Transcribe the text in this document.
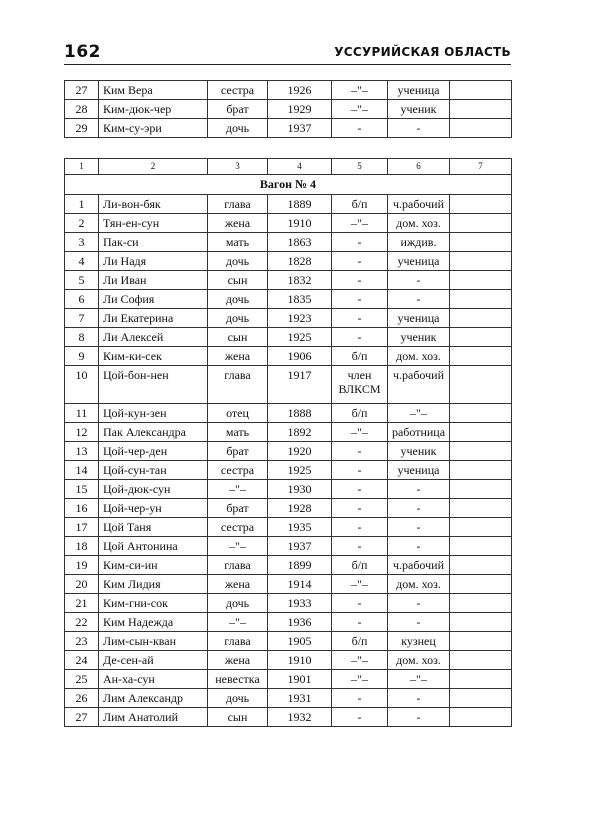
162	УССУРИЙСКАЯ ОБЛАСТЬ
27	Ким Вера	сестра	1926	–"–	ученица	
28	Ким-дюк-чер	брат	1929	–"–	ученик	
29	Ким-су-эри	дочь	1937	-	-	
1	2	3	4	5	6	7
Вагон № 4						
1	Ли-вон-бяк	глава	1889	б/п	ч.рабочий	
2	Тян-ен-сун	жена	1910	–"–	дом. хоз.	
3	Пак-си	мать	1863	-	иждив.	
4	Ли Надя	дочь	1828	-	ученица	
5	Ли Иван	сын	1832	-	-	
6	Ли София	дочь	1835	-	-	
7	Ли Екатерина	дочь	1923	-	ученица	
8	Ли Алексей	сын	1925	-	ученик	
9	Ким-ки-сек	жена	1906	б/п	дом. хоз.	
10	Цой-бон-нен	глава	1917	член ВЛКСМ	ч.рабочий	
11	Цой-кун-зен	отец	1888	б/п	–"–	
12	Пак Александра	мать	1892	–"–	работница	
13	Цой-чер-ден	брат	1920	-	ученик	
14	Цой-сун-тан	сестра	1925	-	ученица	
15	Цой-дюк-сун	–"–	1930	-	-	
16	Цой-чер-ун	брат	1928	-	-	
17	Цой Таня	сестра	1935	-	-	
18	Цой Антонина	–"–	1937	-	-	
19	Ким-си-ин	глава	1899	б/п	ч.рабочий	
20	Ким Лидия	жена	1914	–"–	дом. хоз.	
21	Ким-гни-сок	дочь	1933	-	-	
22	Ким Надежда	–"–	1936	-	-	
23	Лим-сын-кван	глава	1905	б/п	кузнец	
24	Де-сен-ай	жена	1910	–"–	дом. хоз.	
25	Ан-ха-сун	невестка	1901	–"–	–"–	
26	Лим Александр	дочь	1931	-	-	
27	Лим Анатолий	сын	1932	-	-	
